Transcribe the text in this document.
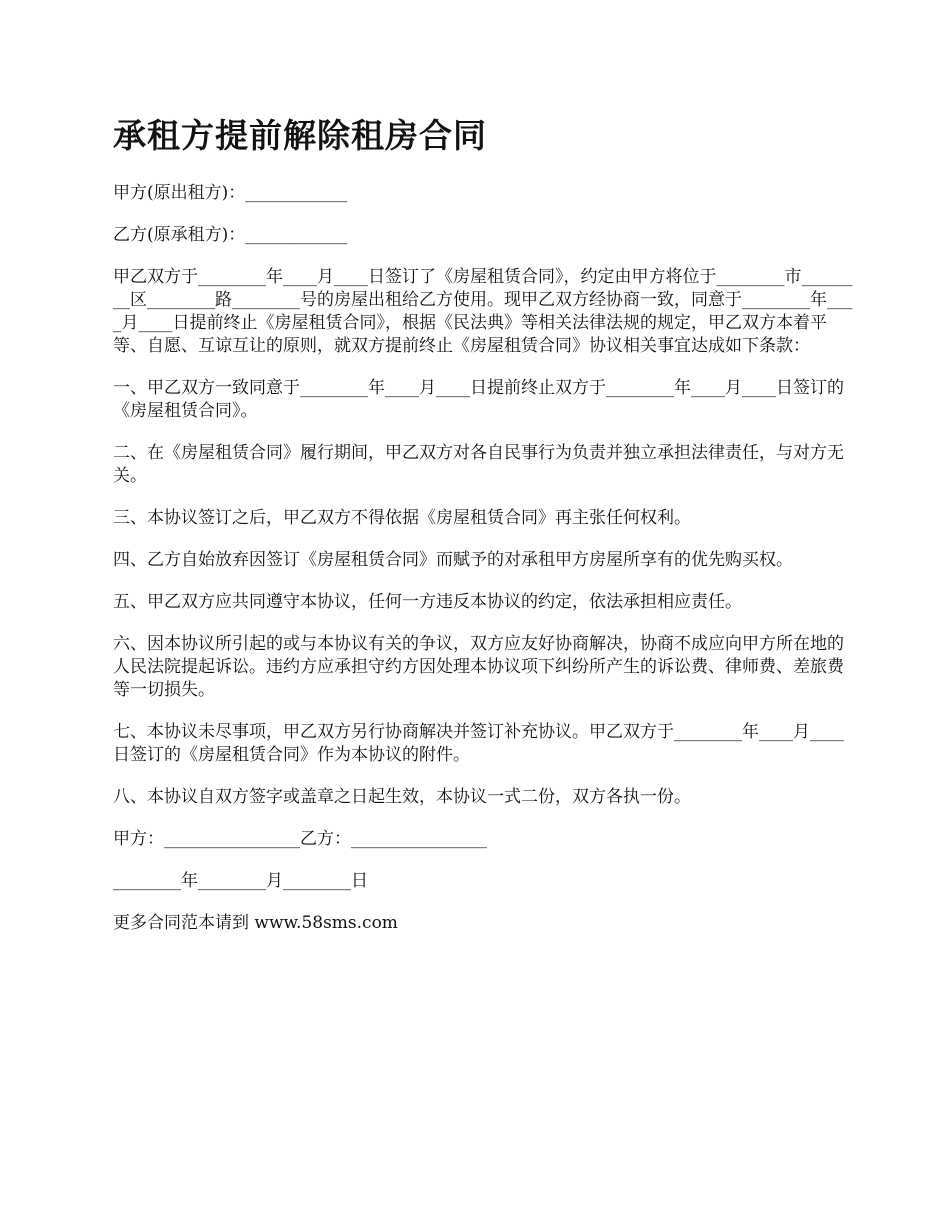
承租方提前解除租房合同

甲方(原出租方)：____________

乙方(原承租方)：____________

甲乙双方于________年____月____日签订了《房屋租赁合同》，约定由甲方将位于________市________区________路________号的房屋出租给乙方使用。现甲乙双方经协商一致，同意于________年____月____日提前终止《房屋租赁合同》，根据《民法典》等相关法律法规的规定，甲乙双方本着平等、自愿、互谅互让的原则，就双方提前终止《房屋租赁合同》协议相关事宜达成如下条款：

一、甲乙双方一致同意于________年____月____日提前终止双方于________年____月____日签订的《房屋租赁合同》。

二、在《房屋租赁合同》履行期间，甲乙双方对各自民事行为负责并独立承担法律责任，与对方无关。

三、本协议签订之后，甲乙双方不得依据《房屋租赁合同》再主张任何权利。

四、乙方自始放弃因签订《房屋租赁合同》而赋予的对承租甲方房屋所享有的优先购买权。

五、甲乙双方应共同遵守本协议，任何一方违反本协议的约定，依法承担相应责任。

六、因本协议所引起的或与本协议有关的争议，双方应友好协商解决，协商不成应向甲方所在地的人民法院提起诉讼。违约方应承担守约方因处理本协议项下纠纷所产生的诉讼费、律师费、差旅费等一切损失。

七、本协议未尽事项，甲乙双方另行协商解决并签订补充协议。甲乙双方于________年____月____日签订的《房屋租赁合同》作为本协议的附件。

八、本协议自双方签字或盖章之日起生效，本协议一式二份，双方各执一份。

甲方：________________乙方：________________

________年________月________日

更多合同范本请到 www.58sms.com
